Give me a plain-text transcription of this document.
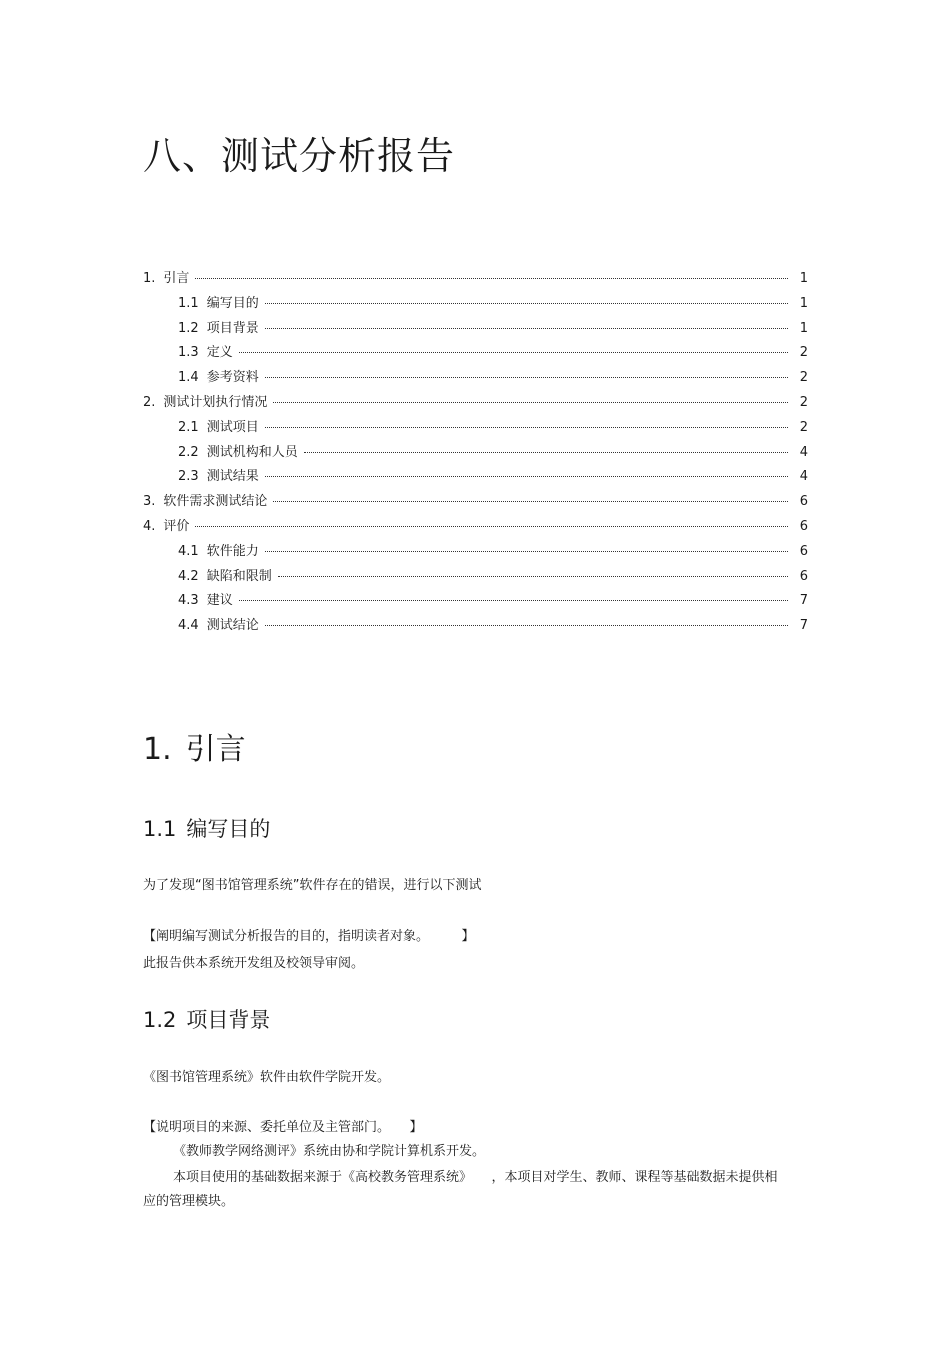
八、测试分析报告
1. 引言	1
1.1 编写目的	1
1.2 项目背景	1
1.3 定义	2
1.4 参考资料	2
2. 测试计划执行情况	2
2.1 测试项目	2
2.2 测试机构和人员	4
2.3 测试结果	4
3. 软件需求测试结论	6
4. 评价	6
4.1 软件能力	6
4.2 缺陷和限制	6
4.3 建议	7
4.4 测试结论	7
1. 引言
1.1 编写目的

为了发现“图书馆管理系统”软件存在的错误，进行以下测试

【阐明编写测试分析报告的目的，指明读者对象。　　　】

此报告供本系统开发组及校领导审阅。

1.2 项目背景

《图书馆管理系统》软件由软件学院开发。

【说明项目的来源、委托单位及主管部门。　　】

《教师教学网络测评》系统由协和学院计算机系开发。

本项目使用的基础数据来源于《高校教务管理系统》　　，本项目对学生、教师、课程等基础数据未提供相应的管理模块。
